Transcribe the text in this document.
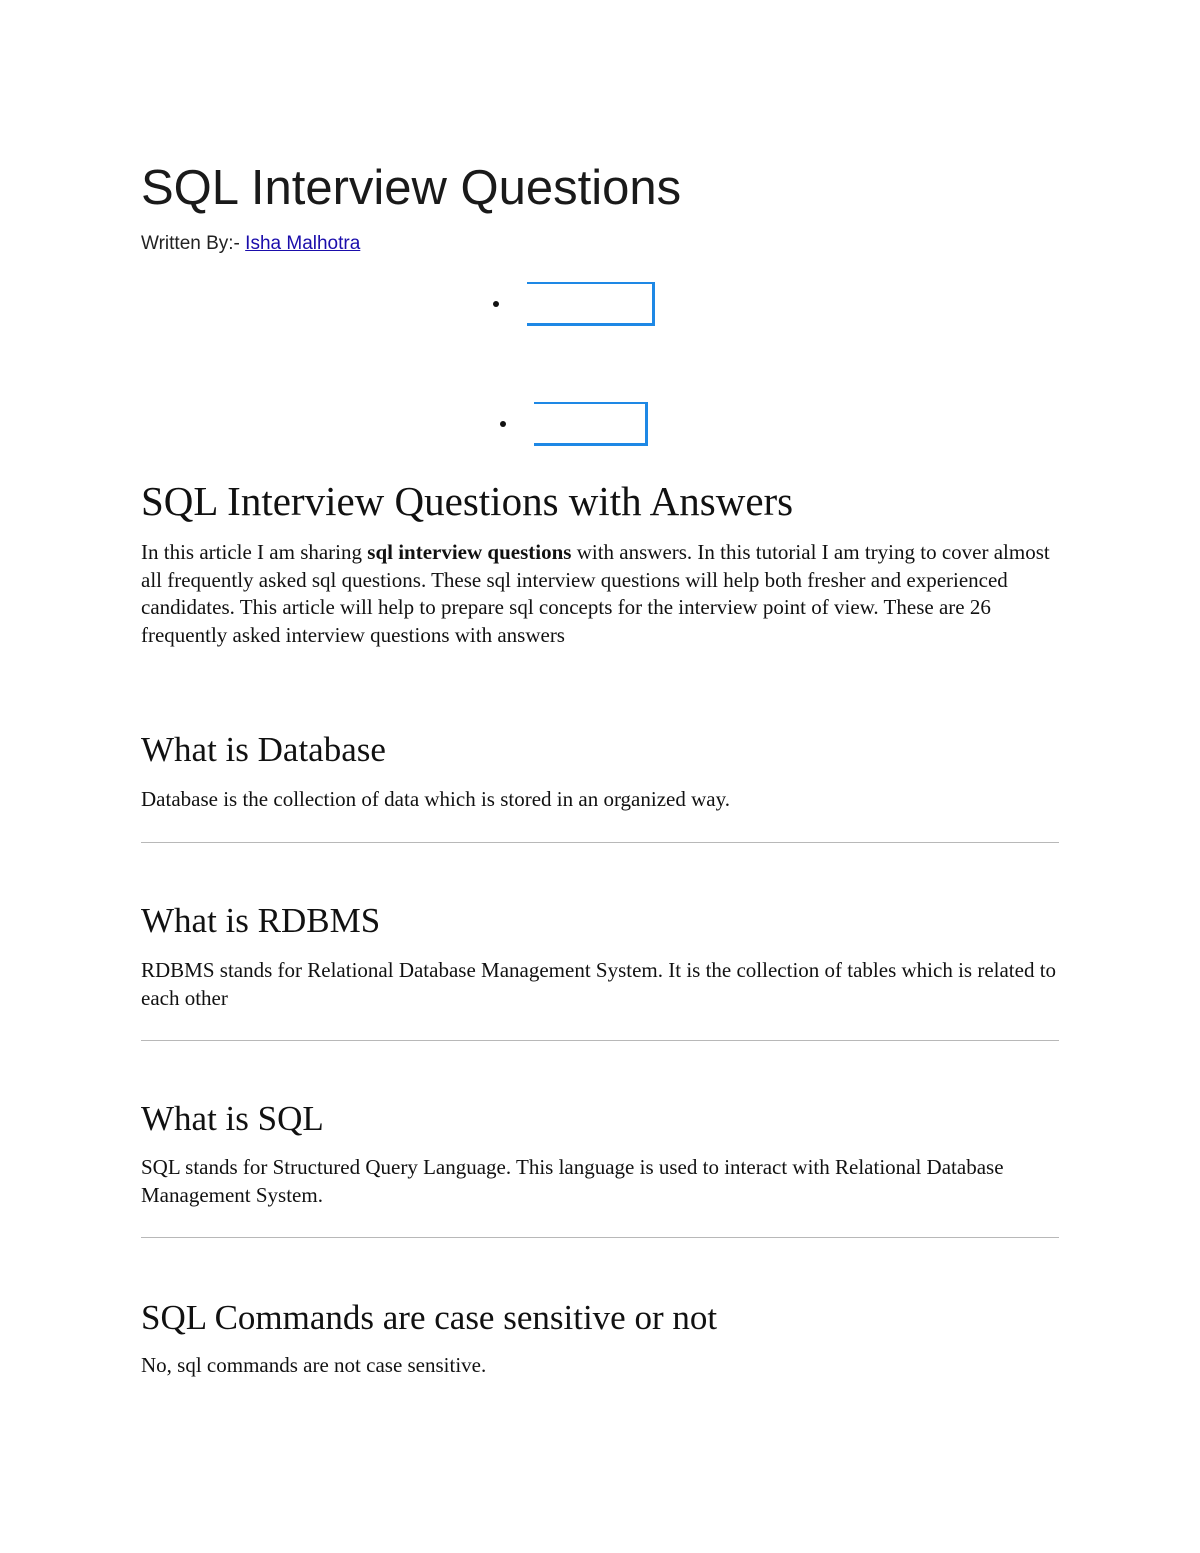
SQL Interview Questions
Written By:- Isha Malhotra
SQL Interview Questions with Answers

In this article I am sharing sql interview questions with answers. In this tutorial I am trying to cover almost all frequently asked sql questions. These sql interview questions will help both fresher and experienced candidates. This article will help to prepare sql concepts for the interview point of view. These are 26 frequently asked interview questions with answers

What is Database

Database is the collection of data which is stored in an organized way.

What is RDBMS

RDBMS stands for Relational Database Management System. It is the collection of tables which is related to each other

What is SQL

SQL stands for Structured Query Language. This language is used to interact with Relational Database Management System.

SQL Commands are case sensitive or not

No, sql commands are not case sensitive.
